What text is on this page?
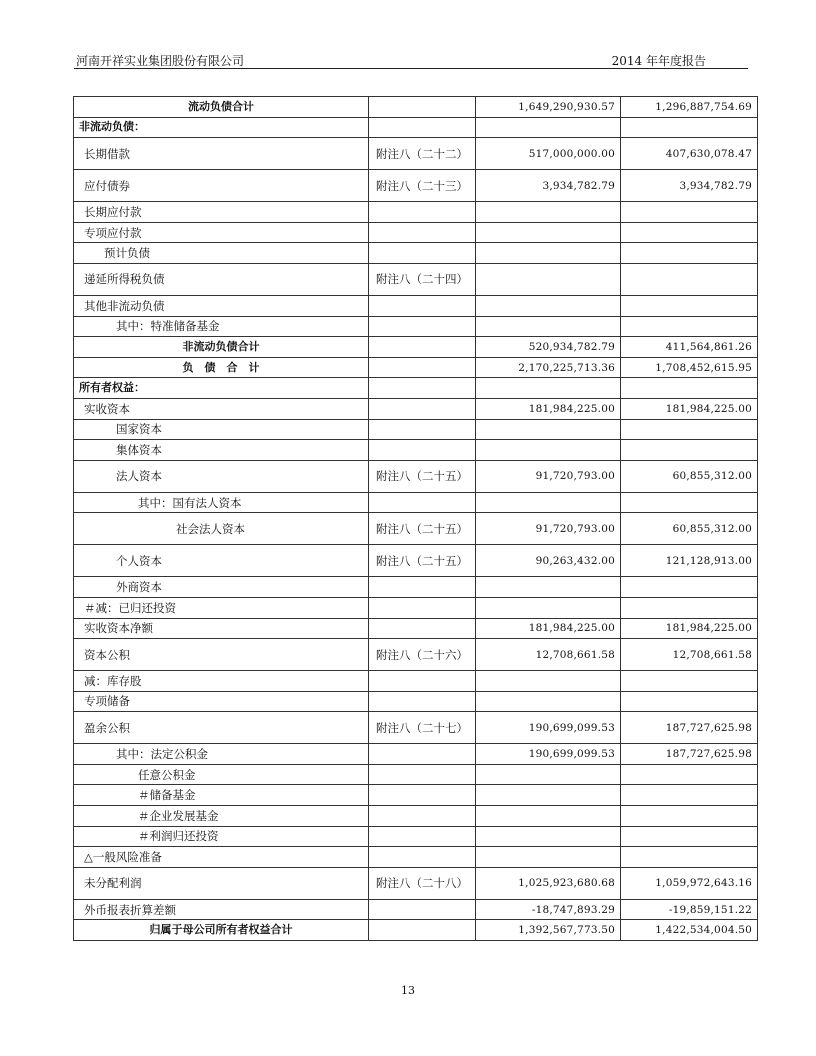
河南开祥实业集团股份有限公司	2014 年年度报告
流动负债合计		1,649,290,930.57	1,296,887,754.69
非流动负债：			
长期借款	附注八（二十二）	517,000,000.00	407,630,078.47
应付债券	附注八（二十三）	3,934,782.79	3,934,782.79
长期应付款			
专项应付款			
预计负债			
递延所得税负债	附注八（二十四）		
其他非流动负债			
其中：特准储备基金			
非流动负债合计		520,934,782.79	411,564,861.26
负　债　合　计		2,170,225,713.36	1,708,452,615.95
所有者权益：			
实收资本		181,984,225.00	181,984,225.00
国家资本			
集体资本			
法人资本	附注八（二十五）	91,720,793.00	60,855,312.00
其中：国有法人资本			
社会法人资本	附注八（二十五）	91,720,793.00	60,855,312.00
个人资本	附注八（二十五）	90,263,432.00	121,128,913.00
外商资本			
＃减：已归还投资			
实收资本净额		181,984,225.00	181,984,225.00
资本公积	附注八（二十六）	12,708,661.58	12,708,661.58
减：库存股			
专项储备			
盈余公积	附注八（二十七）	190,699,099.53	187,727,625.98
其中：法定公积金		190,699,099.53	187,727,625.98
任意公积金			
＃储备基金			
＃企业发展基金			
＃利润归还投资			
△一般风险准备			
未分配利润	附注八（二十八）	1,025,923,680.68	1,059,972,643.16
外币报表折算差额		-18,747,893.29	-19,859,151.22
归属于母公司所有者权益合计		1,392,567,773.50	1,422,534,004.50
13
